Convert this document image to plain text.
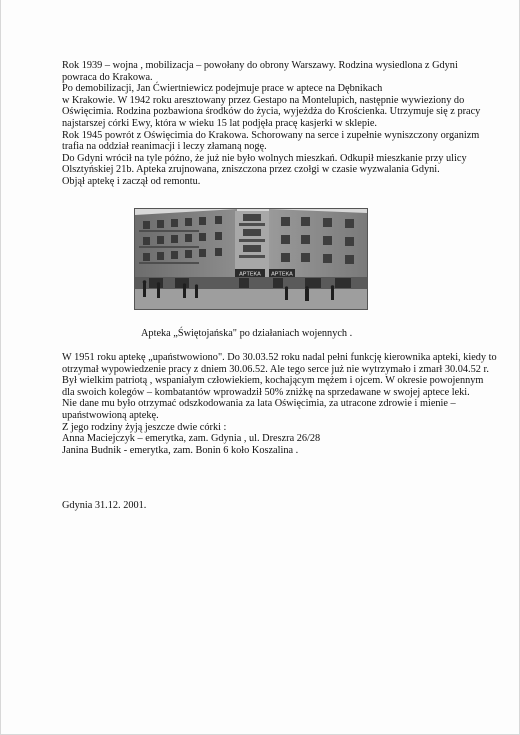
Rok 1939 – wojna , mobilizacja – powołany do obrony Warszawy. Rodzina wysiedlona z Gdyni
powraca do Krakowa.
Po demobilizacji, Jan Ćwiertniewicz podejmuje prace w aptece na Dębnikach
w Krakowie. W 1942 roku aresztowany przez Gestapo na Montelupich, następnie wywieziony do
Oświęcimia. Rodzina pozbawiona środków do życia, wyjeżdża do Krościenka. Utrzymuje się z pracy
najstarszej córki Ewy, która w wieku 15 lat podjęła pracę kasjerki w sklepie.
Rok 1945 powrót z Oświęcimia do Krakowa. Schorowany na serce i zupełnie wyniszczony organizm
trafia na oddział reanimacji i leczy złamaną nogę.
Do Gdyni wrócił na tyle późno, że już nie było wolnych mieszkań. Odkupił mieszkanie przy ulicy
Olsztyńskiej 21b. Apteka zrujnowana, zniszczona przez czołgi w czasie wyzwalania Gdyni.
Objął aptekę i zaczął od remontu.
APTEKA APTEKA
Apteka „Świętojańska" po działaniach wojennych .
W 1951 roku aptekę „upaństwowiono". Do 30.03.52 roku nadal pełni funkcję kierownika apteki, kiedy to
otrzymał wypowiedzenie pracy z dniem 30.06.52. Ale tego serce już nie wytrzymało i zmarł 30.04.52 r.
Był wielkim patriotą , wspaniałym człowiekiem, kochającym mężem i ojcem. W okresie powojennym
dla swoich kolegów – kombatantów wprowadził 50% zniżkę na sprzedawane w swojej aptece leki.
Nie dane mu było otrzymać odszkodowania za lata Oświęcimia, za utracone zdrowie i mienie –
upaństwowioną aptekę.
Z jego rodziny żyją jeszcze dwie córki :
Anna Maciejczyk – emerytka, zam. Gdynia , ul. Dreszra 26/28
Janina Budnik - emerytka, zam. Bonin 6 koło Koszalina .
Gdynia 31.12. 2001.
